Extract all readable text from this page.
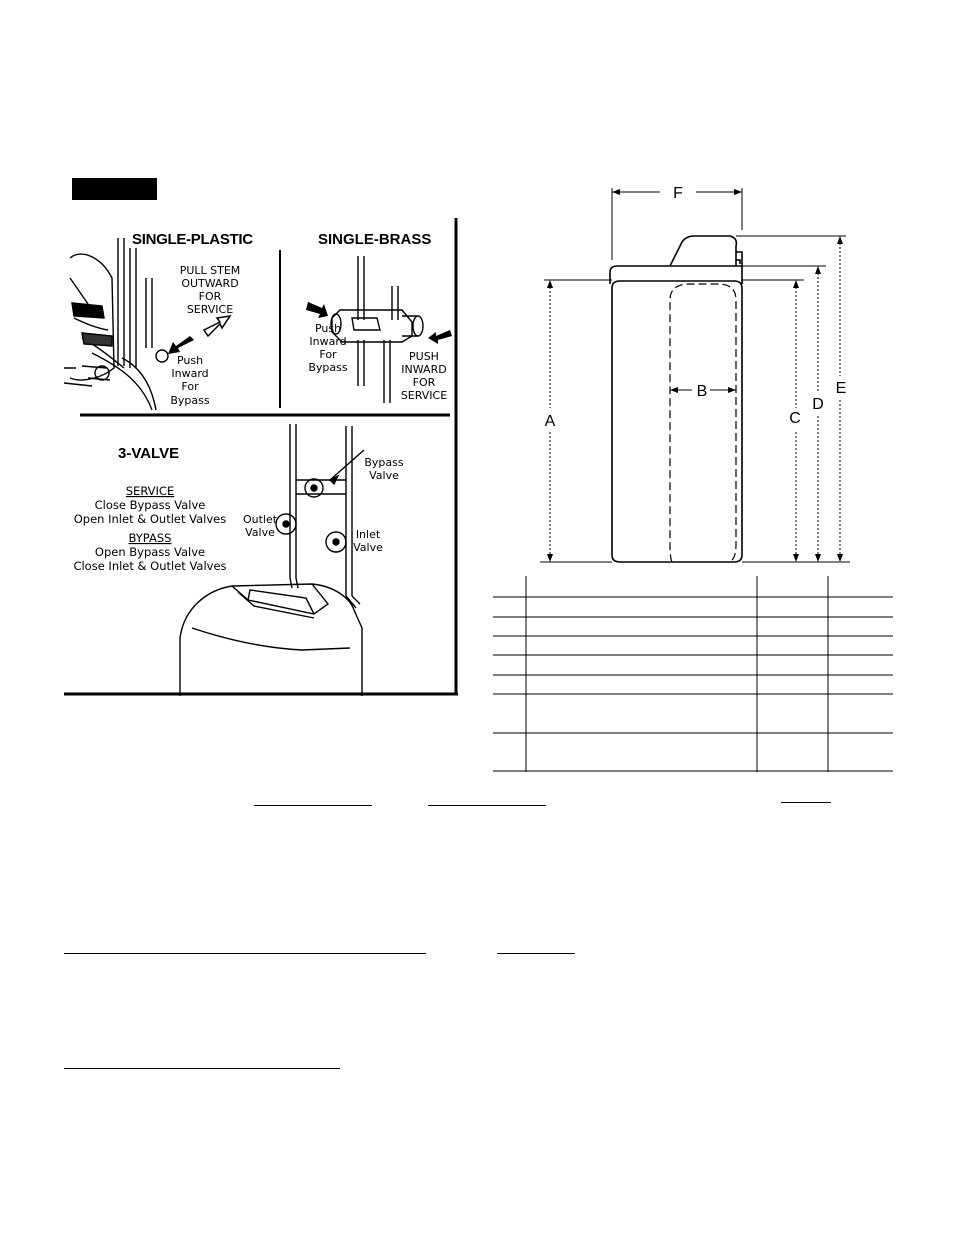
SINGLE-PLASTIC
PULL STEM
OUTWARD
FOR
SERVICE
Push
Inward
For
Bypass
SINGLE-BRASS
Push
Inward
For
Bypass
PUSH
INWARD
FOR
SERVICE
3-VALVE
SERVICE
Close Bypass Valve
Open Inlet & Outlet Valves
BYPASS
Open Bypass Valve
Close Inlet & Outlet Valves
Bypass
Valve
Outlet
Valve	Inlet
Valve
F
B
A	C
D
E
